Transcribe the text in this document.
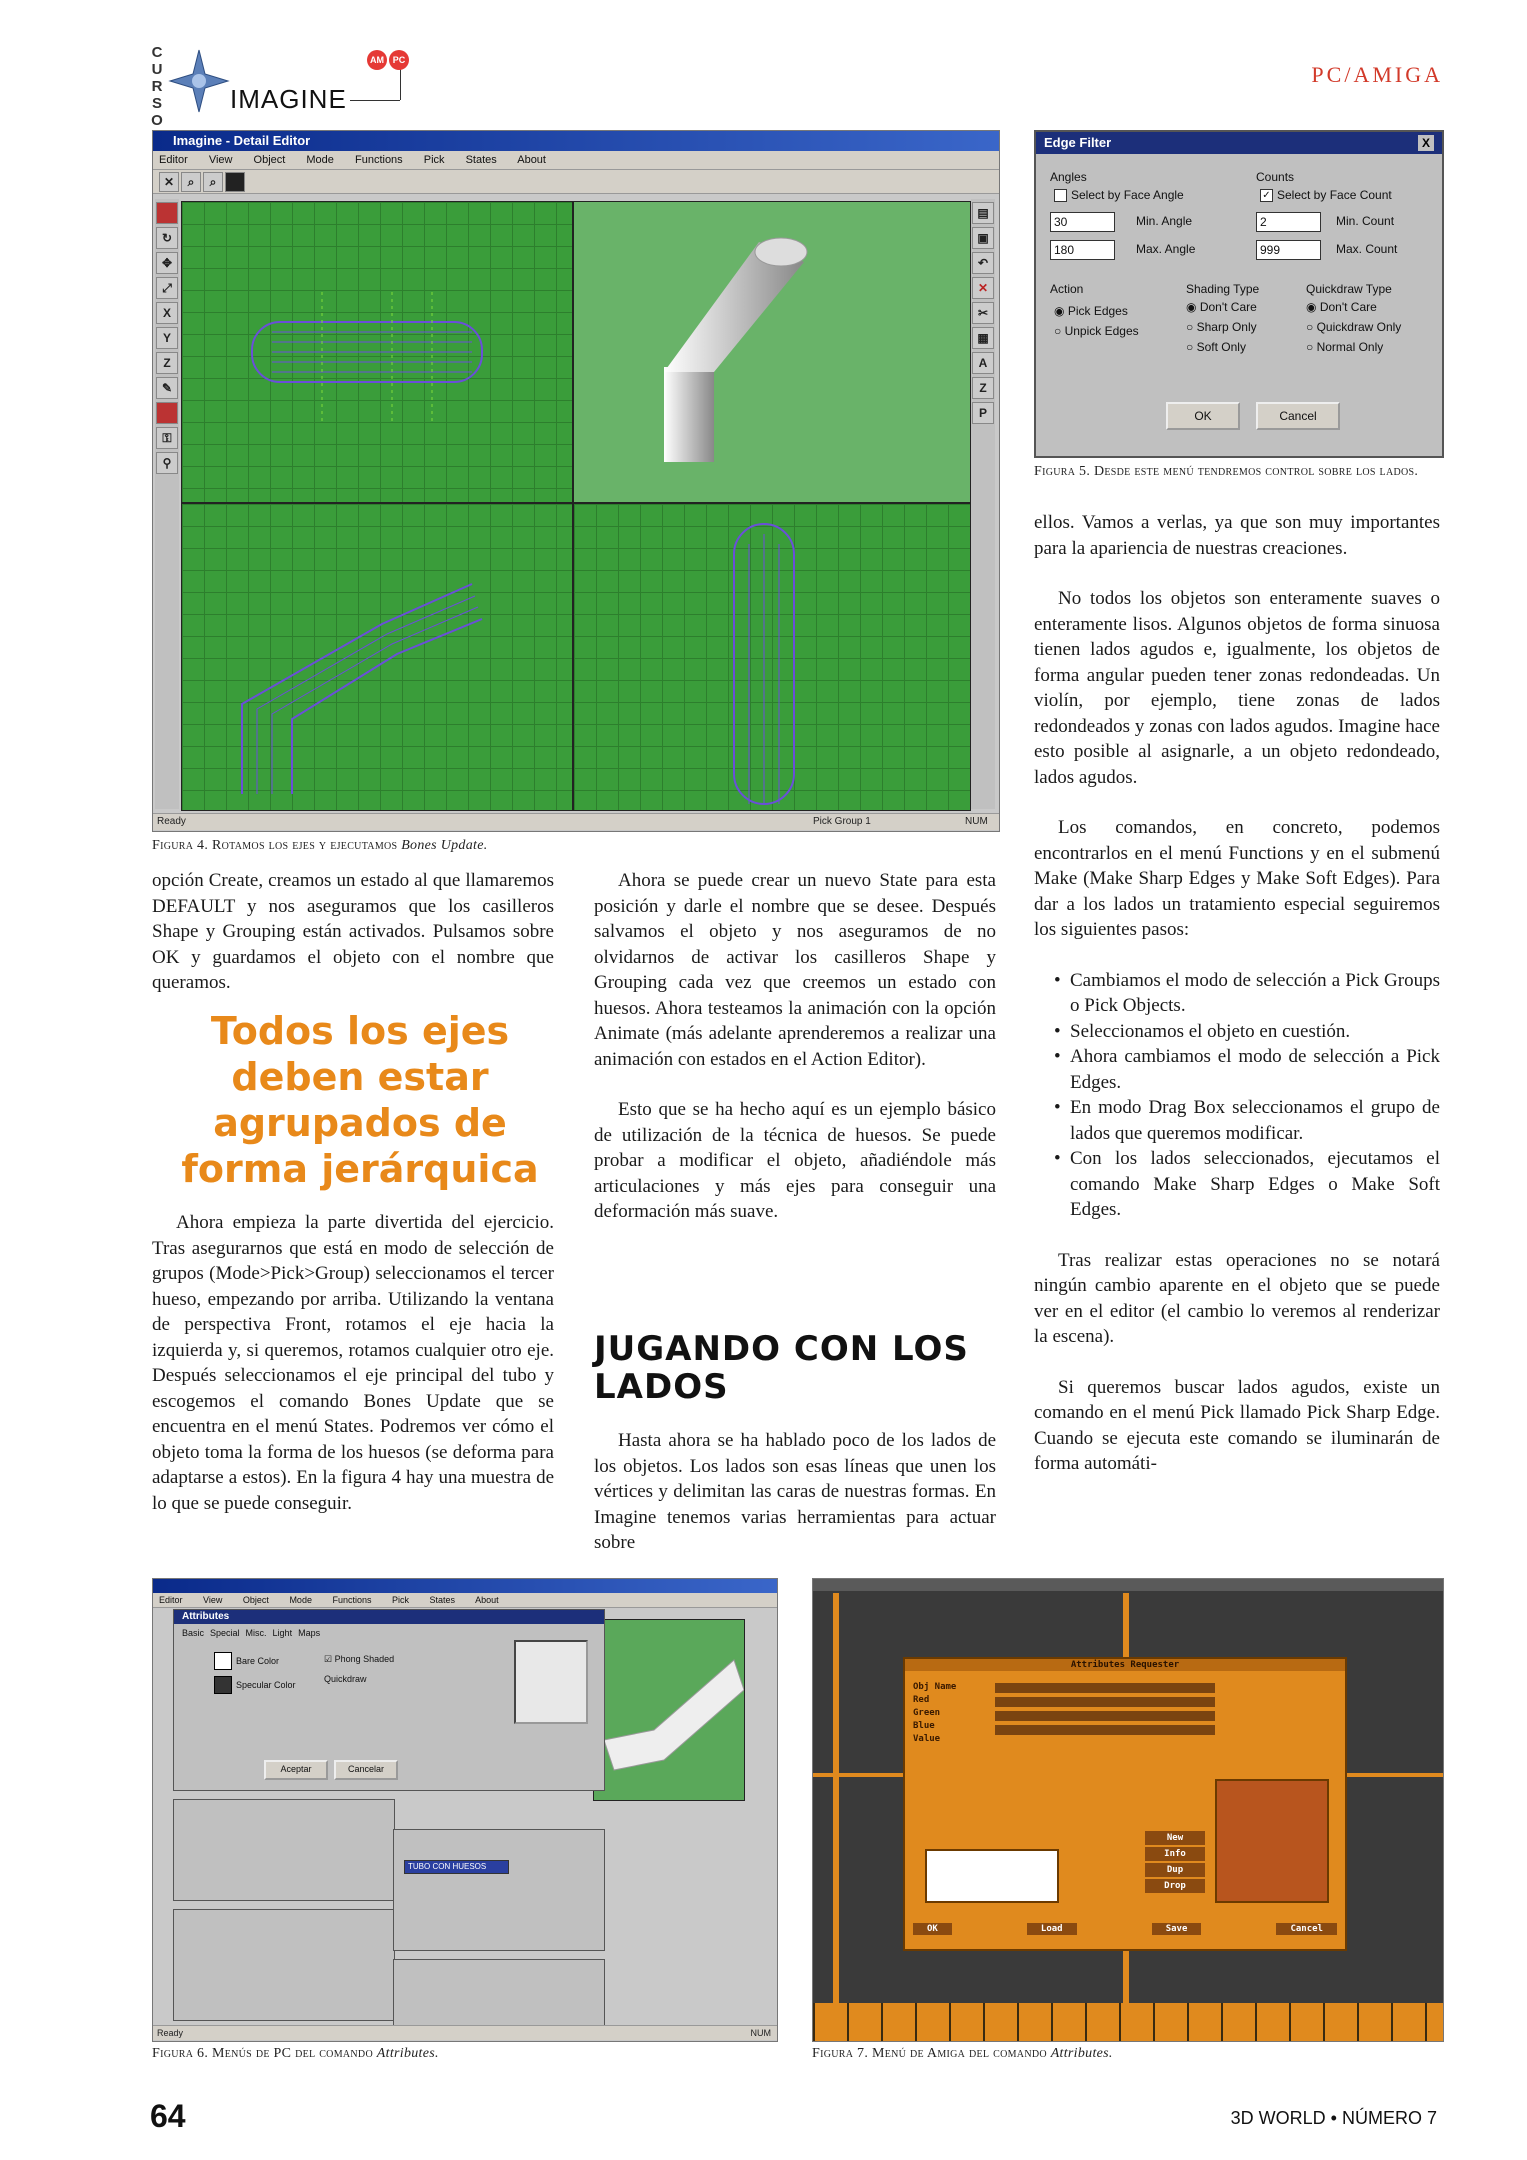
CURSO
IMAGINE
AM PC
PC/AMIGA
Imagine - Detail Editor
Editor View Object Mode Functions Pick States About
✕	⌕	⌕
↻
✥
⤢
X
Y
Z
✎
⚿
⚲
▤
▣
↶
✕
✂
▦
A
Z
P
Ready	Pick Group 1	NUM
Figura 4. Rotamos los ejes y ejecutamos Bones Update.
Edge Filter	X
Angles
Select by Face Angle
30	Min. Angle
180	Max. Angle
Counts
✓ Select by Face Count
2	Min. Count
999	Max. Count
Action
◉ Pick Edges
○ Unpick Edges
Shading Type
◉ Don't Care
○ Sharp Only
○ Soft Only
Quickdraw Type
◉ Don't Care
○ Quickdraw Only
○ Normal Only
OK	Cancel
Figura 5. Desde este menú tendremos control sobre los lados.

ellos. Vamos a verlas, ya que son muy importantes para la apariencia de nuestras creaciones.

No todos los objetos son enteramente suaves o enteramente lisos. Algunos objetos de forma sinuosa tienen lados agudos e, igualmente, los objetos de forma angular pueden tener zonas redondeadas. Un violín, por ejemplo, tiene zonas de lados redondeados y zonas con lados agudos. Imagine hace esto posible al asignarle, a un objeto redondeado, lados agudos.

Los comandos, en concreto, podemos encontrarlos en el menú Functions y en el submenú Make (Make Sharp Edges y Make Soft Edges). Para dar a los lados un tratamiento especial seguiremos los siguientes pasos:

• Cambiamos el modo de selección a Pick Groups o Pick Objects.
• Seleccionamos el objeto en cuestión.
• Ahora cambiamos el modo de selección a Pick Edges.
• En modo Drag Box seleccionamos el grupo de lados que queremos modificar.
• Con los lados seleccionados, ejecutamos el comando Make Sharp Edges o Make Soft Edges.

Tras realizar estas operaciones no se notará ningún cambio aparente en el objeto que se puede ver en el editor (el cambio lo veremos al renderizar la escena).

Si queremos buscar lados agudos, existe un comando en el menú Pick llamado Pick Sharp Edge. Cuando se ejecuta este comando se iluminarán de forma automáti-

opción Create, creamos un estado al que llamaremos DEFAULT y nos aseguramos que los casilleros Shape y Grouping están activados. Pulsamos sobre OK y guardamos el objeto con el nombre que queramos.

Todos los ejes deben estar agrupados de forma jerárquica

Ahora empieza la parte divertida del ejercicio. Tras asegurarnos que está en modo de selección de grupos (Mode>Pick>Group) seleccionamos el tercer hueso, empezando por arriba. Utilizando la ventana de perspectiva Front, rotamos el eje hacia la izquierda y, si queremos, rotamos cualquier otro eje. Después seleccionamos el eje principal del tubo y escogemos el comando Bones Update que se encuentra en el menú States. Podremos ver cómo el objeto toma la forma de los huesos (se deforma para adaptarse a estos). En la figura 4 hay una muestra de lo que se puede conseguir.

Ahora se puede crear un nuevo State para esta posición y darle el nombre que se desee. Después salvamos el objeto y nos aseguramos de no olvidarnos de activar los casilleros Shape y Grouping cada vez que creemos un estado con huesos. Ahora testeamos la animación con la opción Animate (más adelante aprenderemos a realizar una animación con estados en el Action Editor).

Esto que se ha hecho aquí es un ejemplo básico de utilización de la técnica de huesos. Se puede probar a modificar el objeto, añadiéndole más articulaciones y más ejes para conseguir una deformación más suave.

JUGANDO CON LOS LADOS

Hasta ahora se ha hablado poco de los lados de los objetos. Los lados son esas líneas que unen los vértices y delimitan las caras de nuestras formas. En Imagine tenemos varias herramientas para actuar sobre

Editor View Object Mode Functions Pick States About
Attributes
Basic Special Misc. Light Maps
Bare Color
Specular Color
☑ Phong Shaded
Quickdraw
Aceptar	Cancelar
TUBO CON HUESOS
Ready	NUM
Figura 6. Menús de PC del comando Attributes.
Attributes Requester
Obj Name
Red
Green
Blue
Value
New
Info
Dup
Drop
OK	Load	Save	Cancel
Figura 7. Menú de Amiga del comando Attributes.
64	3D WORLD • NÚMERO 7
